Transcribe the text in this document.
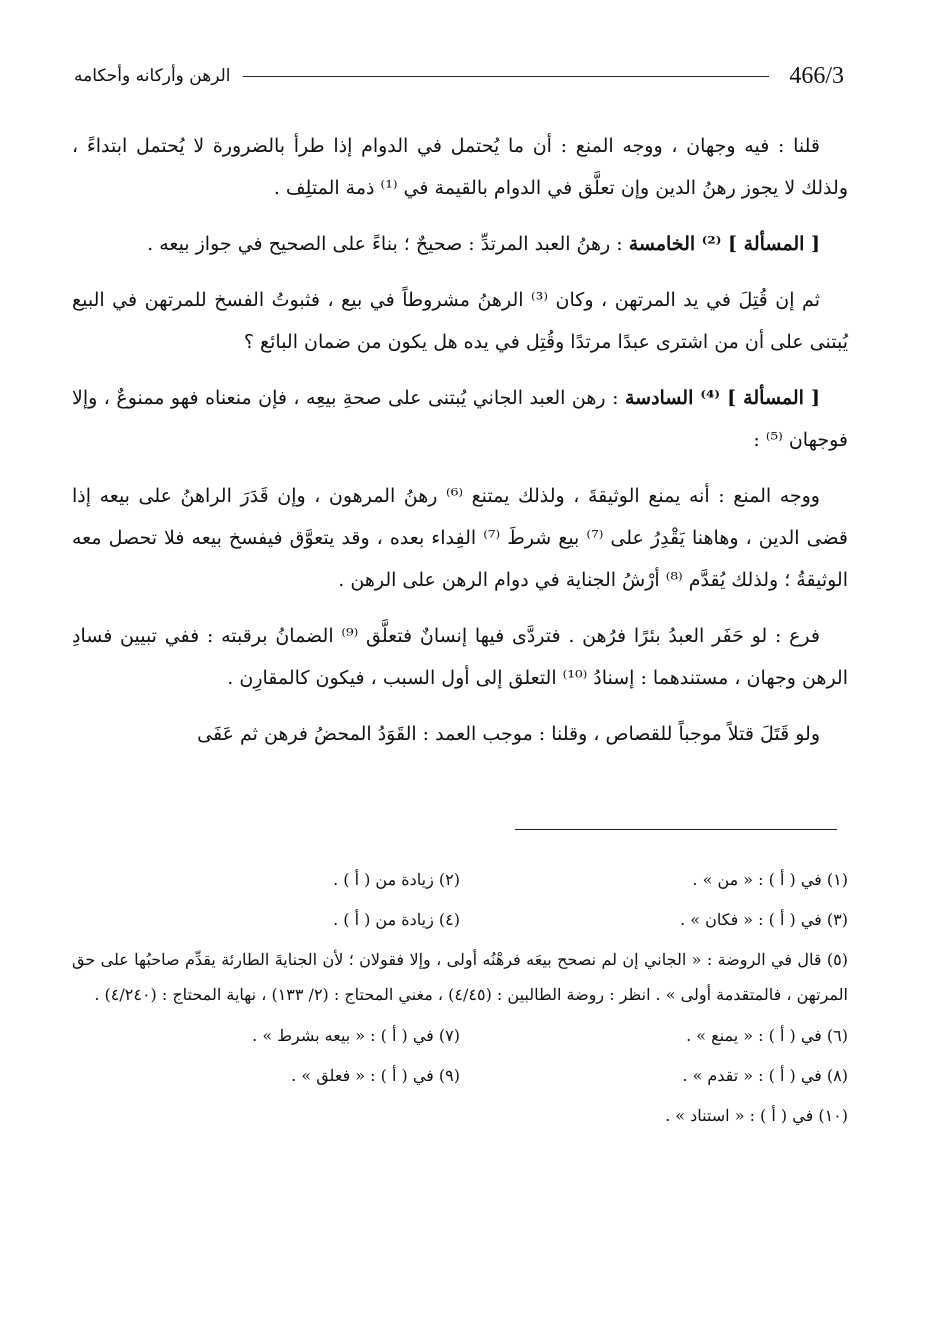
466/3
الرهن وأركانه وأحكامه

قلنا : فيه وجهان ، ووجه المنع : أن ما يُحتمل في الدوام إذا طرأ بالضرورة لا يُحتمل ابتداءً ، ولذلك لا يجوز رهنُ الدين وإن تعلَّق في الدوام بالقيمة في ⁽¹⁾ ذمة المتلِف .

[ المسألة ] ⁽²⁾ الخامسة : رهنُ العبد المرتدِّ : صحيحٌ ؛ بناءً على الصحيح في جواز بيعه .

ثم إن قُتِلَ في يد المرتهن ، وكان ⁽³⁾ الرهنُ مشروطاً في بيع ، فثبوتُ الفسخ للمرتهن في البيع يُبتنى على أن من اشترى عبدًا مرتدًا وقُتِل في يده هل يكون من ضمان البائع ؟

[ المسألة ] ⁽⁴⁾ السادسة : رهن العبد الجاني يُبتنى على صحةِ بيعِه ، فإن منعناه فهو ممنوعٌ ، وإلا فوجهان ⁽⁵⁾ :

ووجه المنع : أنه يمنع الوثيقةَ ، ولذلك يمتنع ⁽⁶⁾ رهنُ المرهون ، وإن قَدَرَ الراهنُ على بيعه إذا قضى الدين ، وهاهنا يَقْدِرُ على ⁽⁷⁾ بيع شرطَ ⁽⁷⁾ الفِداء بعده ، وقد يتعوَّق فيفسخ بيعه فلا تحصل معه الوثيقةُ ؛ ولذلك يُقدَّم ⁽⁸⁾ أرْشُ الجناية في دوام الرهن على الرهن .

فرع : لو حَفَر العبدُ بئرًا فرُهن . فتردَّى فيها إنسانٌ فتعلَّق ⁽⁹⁾ الضمانُ برقبته : ففي تبيين فسادِ الرهن وجهان ، مستندهما : إسنادُ ⁽¹⁰⁾ التعلق إلى أول السبب ، فيكون كالمقارِن .

ولو قَتَلَ قتلاً موجباً للقصاص ، وقلنا : موجب العمد : القَوَدُ المحضُ فرهن ثم عَفَى

(١) في ( أ ) : « من » .
(٢) زيادة من ( أ ) .
(٣) في ( أ ) : « فكان » .
(٤) زيادة من ( أ ) .
(٥) قال في الروضة : « الجاني إن لم نصحح بيعَه فرهْنُه أولى ، وإلا فقولان ؛ لأن الجنايةَ الطارئة يقدِّم صاحبُها على حق المرتهن ، فالمتقدمة أولى » . انظر : روضة الطالبين : (٤/٤٥) ، مغني المحتاج : (٢/ ١٣٣) ، نهاية المحتاج : (٤/٢٤٠) .
(٦) في ( أ ) : « يمنع » .
(٧) في ( أ ) : « بيعه بشرط » .
(٨) في ( أ ) : « تقدم » .
(٩) في ( أ ) : « فعلق » .
(١٠) في ( أ ) : « استناد » .
